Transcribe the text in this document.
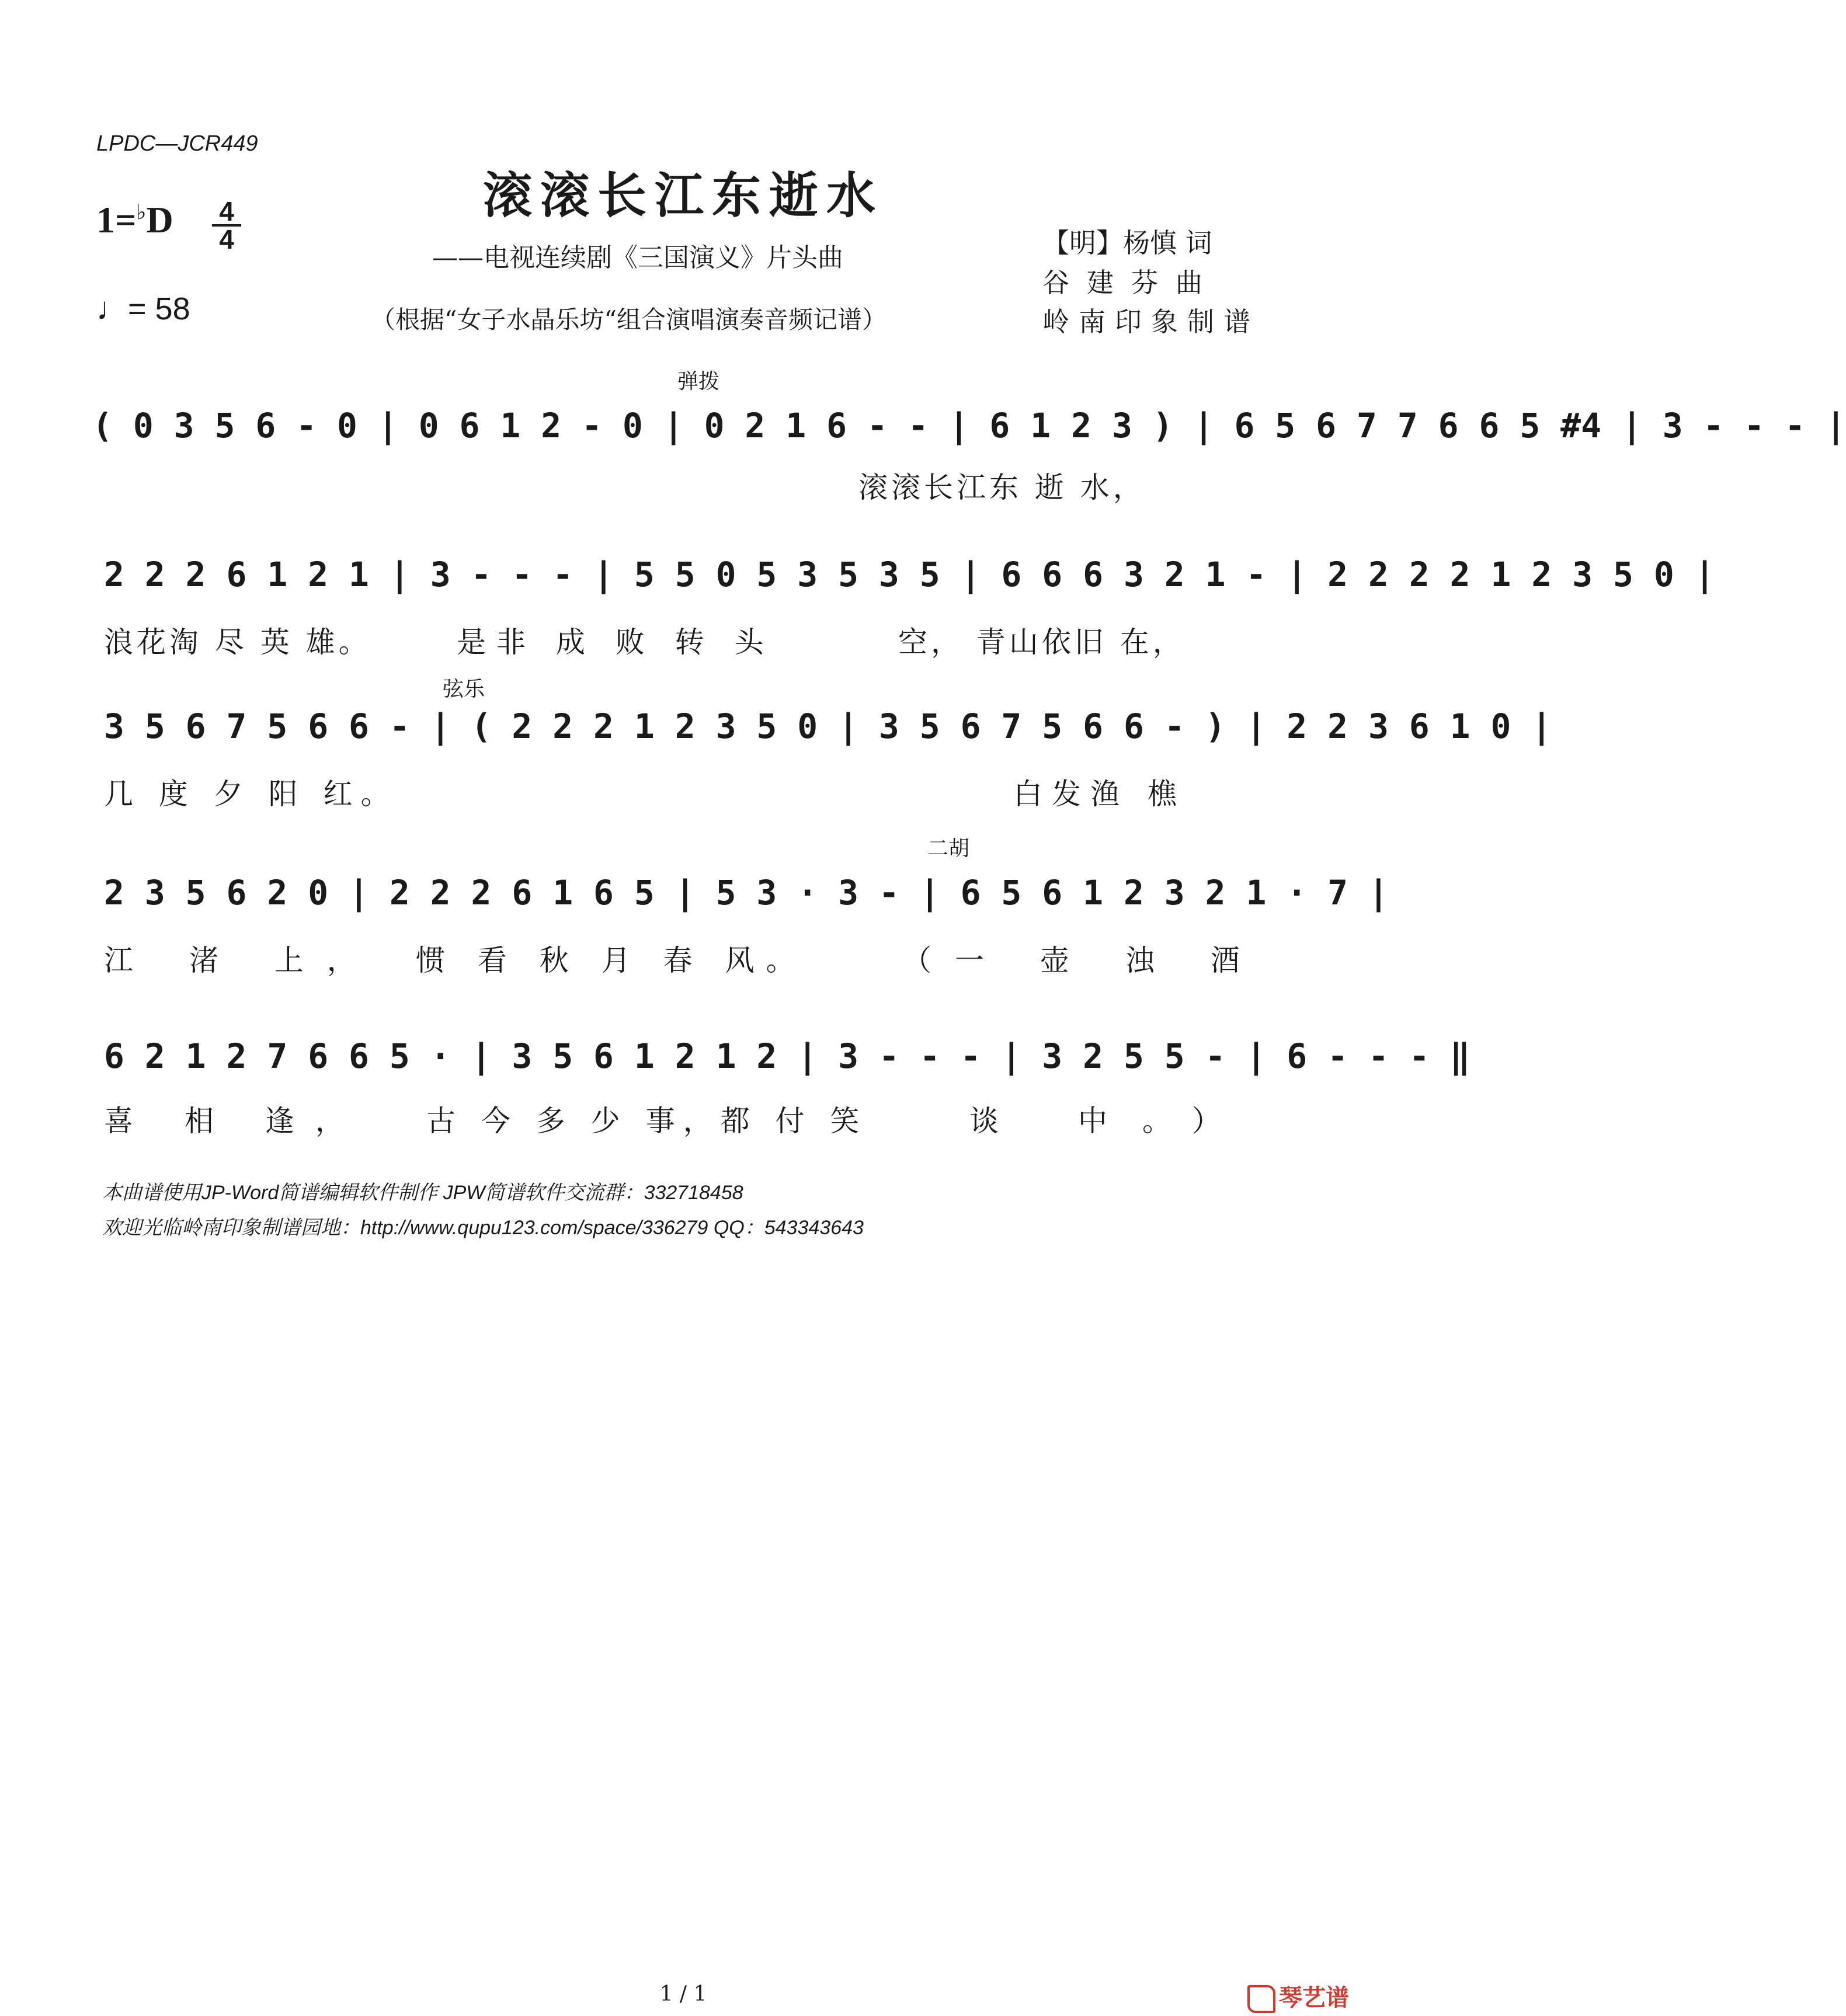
LPDC—JCR449
1=♭D 4
4
♩= 58
滚滚长江东逝水
——电视连续剧《三国演义》片头曲
（根据“女子水晶乐坊“组合演唱演奏音频记谱）
【明】杨慎 词
谷建芬曲
岭南印象制谱
弹拨
( 0 3 5 6 - 0 | 0 6 1 2 - 0 | 0 2 1 6 - - | 6 1 2 3 ) | 6 5 6 7 7 6 6 5 #4 | 3 - - - |
滚滚长江东 逝 水，
2 2 2 6 1 2 1 | 3 - - - | 5 5 0 5 3 5 3 5 | 6 6 6 3 2 1 - | 2 2 2 2 1 2 3 5 0 |
浪花淘 尽 英 雄。	是非 成 败 转 头	空， 青山依旧 在，
弦乐
3 5 6 7 5 6 6 - | ( 2 2 2 1 2 3 5 0 | 3 5 6 7 5 6 6 - ) | 2 2 3 6 1 0 |
几 度 夕 阳 红。	白发渔 樵
二胡
2 3 5 6 2 0 | 2 2 2 6 1 6 5 | 5 3 · 3 - | 6 5 6 1 2 3 2 1 · 7 |
江 渚 上， 惯 看 秋 月 春 风。	（一 壶 浊 酒
6 2 1 2 7 6 6 5 · | 3 5 6 1 2 1 2 | 3 - - - | 3 2 5 5 - | 6 - - - ‖
喜 相 逢， 古 今 多 少 事，都 付 笑	谈 中。）
本曲谱使用JP-Word简谱编辑软件制作 JPW简谱软件交流群：332718458
欢迎光临岭南印象制谱园地：http://www.qupu123.com/space/336279 QQ：543343643
1 / 1	琴艺谱
